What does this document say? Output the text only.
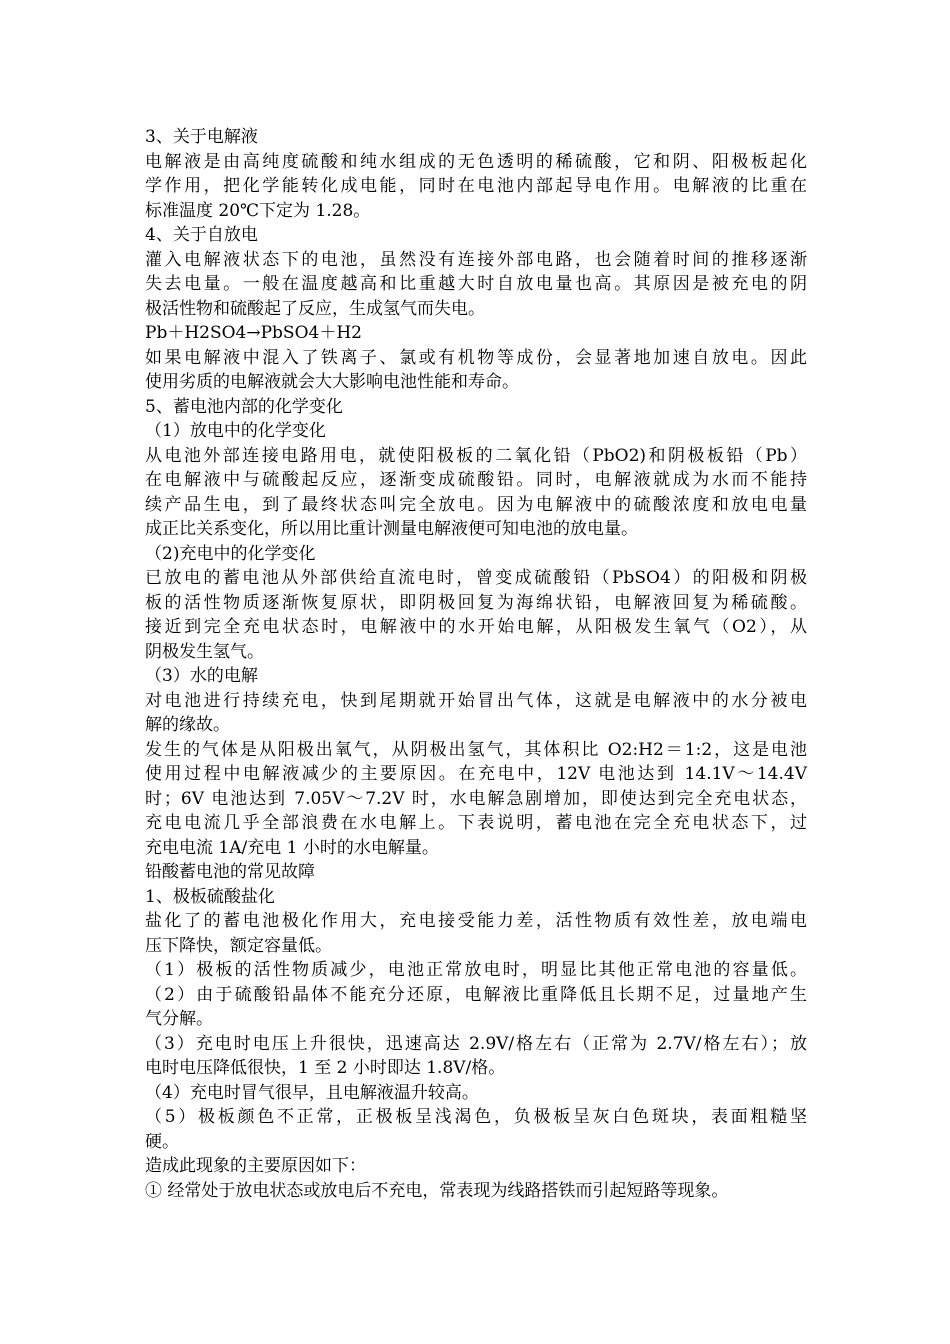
3、关于电解液
电解液是由高纯度硫酸和纯水组成的无色透明的稀硫酸，它和阴、阳极板起化
学作用，把化学能转化成电能，同时在电池内部起导电作用。电解液的比重在
标准温度 20℃下定为 1.28。
4、关于自放电
灌入电解液状态下的电池，虽然没有连接外部电路，也会随着时间的推移逐渐
失去电量。一般在温度越高和比重越大时自放电量也高。其原因是被充电的阴
极活性物和硫酸起了反应，生成氢气而失电。
Pb＋H2SO4→PbSO4＋H2
如果电解液中混入了铁离子、氯或有机物等成份，会显著地加速自放电。因此
使用劣质的电解液就会大大影响电池性能和寿命。
5、蓄电池内部的化学变化
（1）放电中的化学变化
从电池外部连接电路用电，就使阳极板的二氧化铅（PbO2)和阴极板铅（Pb）
在电解液中与硫酸起反应，逐渐变成硫酸铅。同时，电解液就成为水而不能持
续产品生电，到了最终状态叫完全放电。因为电解液中的硫酸浓度和放电电量
成正比关系变化，所以用比重计测量电解液便可知电池的放电量。
（2)充电中的化学变化
已放电的蓄电池从外部供给直流电时，曾变成硫酸铅（PbSO4）的阳极和阴极
板的活性物质逐渐恢复原状，即阴极回复为海绵状铅，电解液回复为稀硫酸。
接近到完全充电状态时，电解液中的水开始电解，从阳极发生氧气（O2），从
阴极发生氢气。
（3）水的电解
对电池进行持续充电，快到尾期就开始冒出气体，这就是电解液中的水分被电
解的缘故。
发生的气体是从阳极出氧气，从阴极出氢气，其体积比 O2:H2＝1:2，这是电池
使用过程中电解液减少的主要原因。在充电中，12V 电池达到 14.1V～14.4V
时；6V 电池达到 7.05V～7.2V 时，水电解急剧增加，即使达到完全充电状态，
充电电流几乎全部浪费在水电解上。下表说明，蓄电池在完全充电状态下，过
充电电流 1A/充电 1 小时的水电解量。
铅酸蓄电池的常见故障
1、极板硫酸盐化
盐化了的蓄电池极化作用大，充电接受能力差，活性物质有效性差，放电端电
压下降快，额定容量低。
（1）极板的活性物质减少，电池正常放电时，明显比其他正常电池的容量低。
（2）由于硫酸铅晶体不能充分还原，电解液比重降低且长期不足，过量地产生
气分解。
（3）充电时电压上升很快，迅速高达 2.9V/格左右（正常为 2.7V/格左右）；放
电时电压降低很快，1 至 2 小时即达 1.8V/格。
（4）充电时冒气很早，且电解液温升较高。
（5）极板颜色不正常，正极板呈浅渴色，负极板呈灰白色斑块，表面粗糙坚
硬。
造成此现象的主要原因如下：
① 经常处于放电状态或放电后不充电，常表现为线路搭铁而引起短路等现象。
